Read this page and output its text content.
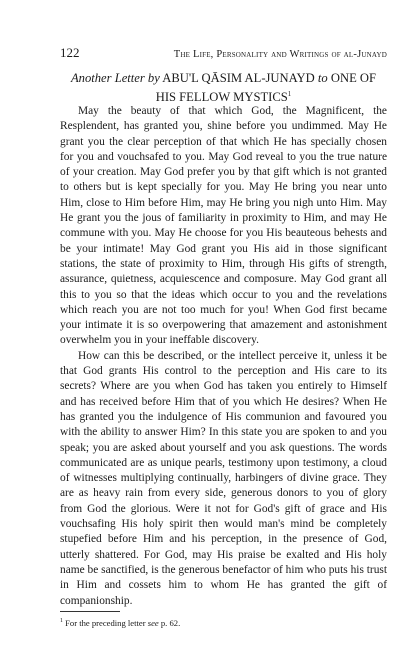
122	The Life, Personality and Writings of al-Junayd
Another Letter by ABU'L QĀSIM AL-JUNAYD to ONE OF HIS FELLOW MYSTICS$^1$

May the beauty of that which God, the Magnificent, the Resplendent, has granted you, shine before you undimmed. May He grant you the clear perception of that which He has specially chosen for you and vouchsafed to you. May God reveal to you the true nature of your creation. May God prefer you by that gift which is not granted to others but is kept specially for you. May He bring you near unto Him, close to Him before Him, may He bring you nigh unto Him. May He grant you the jous of familiarity in proximity to Him, and may He commune with you. May He choose for you His beauteous behests and be your intimate! May God grant you His aid in those significant stations, the state of proximity to Him, through His gifts of strength, assurance, quietness, acquiescence and composure. May God grant all this to you so that the ideas which occur to you and the revelations which reach you are not too much for you! When God first became your intimate it is so overpowering that amazement and astonishment overwhelm you in your ineffable discovery.

How can this be described, or the intellect perceive it, unless it be that God grants His control to the perception and His care to its secrets? Where are you when God has taken you entirely to Himself and has received before Him that of you which He desires? When He has granted you the indulgence of His communion and favoured you with the ability to answer Him? In this state you are spoken to and you speak; you are asked about yourself and you ask questions. The words communicated are as unique pearls, testimony upon testimony, a cloud of witnesses multiplying continually, harbingers of divine grace. They are as heavy rain from every side, generous donors to you of glory from God the glorious. Were it not for God's gift of grace and His vouchsafing His holy spirit then would man's mind be completely stupefied before Him and his perception, in the presence of God, utterly shattered. For God, may His praise be exalted and His holy name be sanctified, is the generous benefactor of him who puts his trust in Him and cossets him to whom He has granted the gift of companionship.

$^1$ For the preceding letter see p. 62.
